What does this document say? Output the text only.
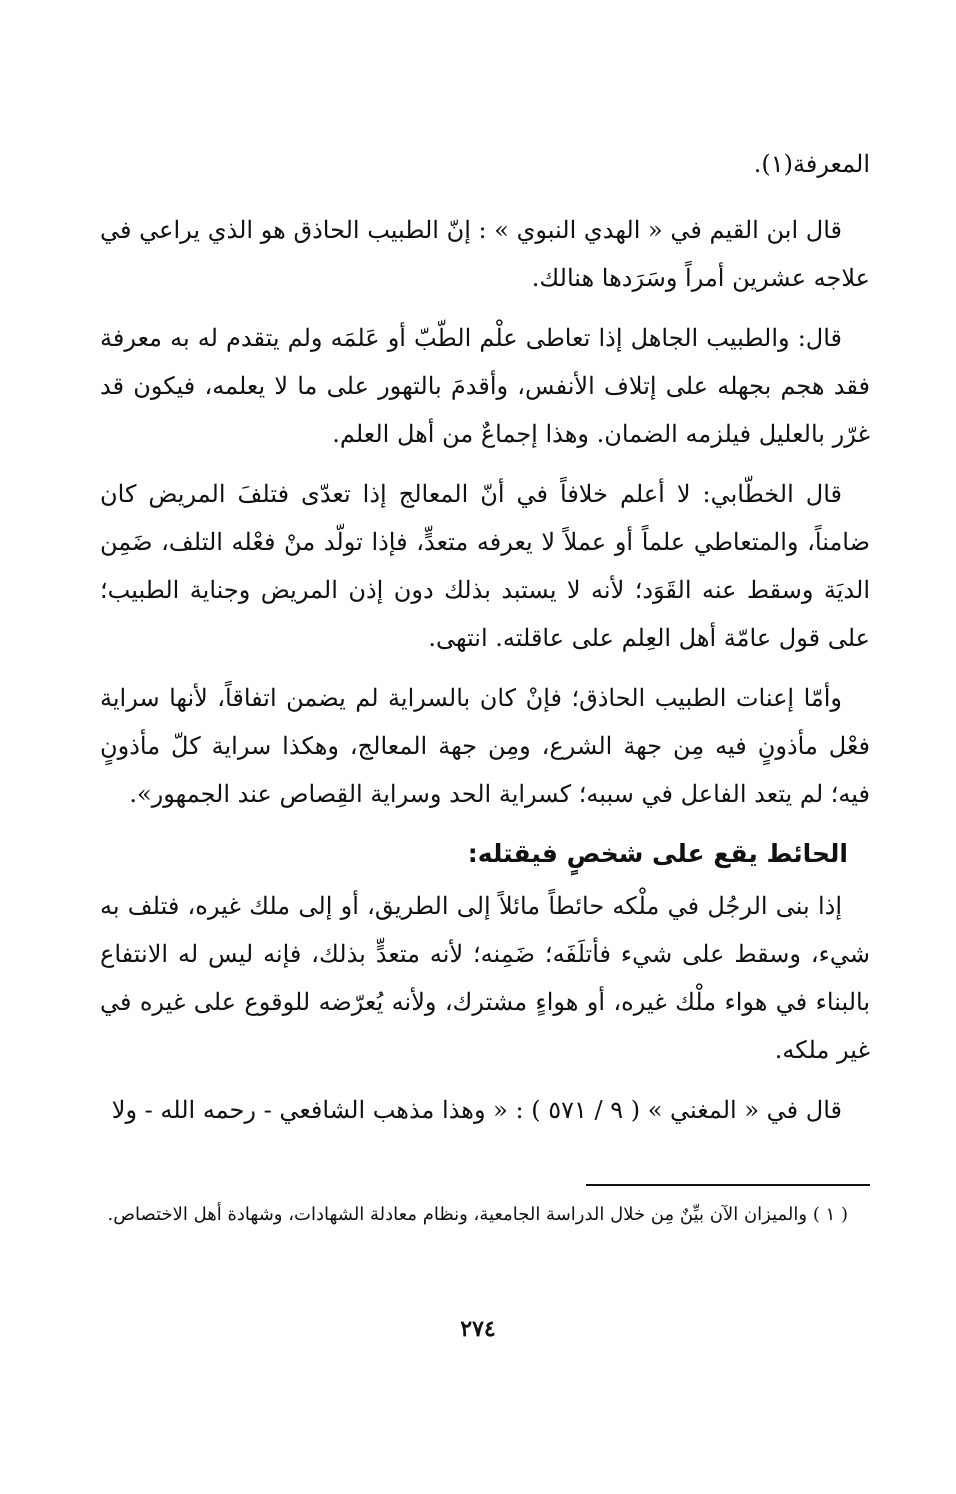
المعرفة(١).

قال ابن القيم في « الهدي النبوي » : إنّ الطبيب الحاذق هو الذي يراعي في علاجه عشرين أمراً وسَرَدها هنالك.

قال: والطبيب الجاهل إذا تعاطى علْم الطّبّ أو عَلمَه ولم يتقدم له به معرفة فقد هجم بجهله على إتلاف الأنفس، وأقدمَ بالتهور على ما لا يعلمه، فيكون قد غرّر بالعليل فيلزمه الضمان. وهذا إجماعٌ من أهل العلم.

قال الخطّابي: لا أعلم خلافاً في أنّ المعالج إذا تعدّى فتلفَ المريض كان ضامناً، والمتعاطي علماً أو عملاً لا يعرفه متعدٍّ، فإذا تولّد منْ فعْله التلف، ضَمِن الديَة وسقط عنه القَوَد؛ لأنه لا يستبد بذلك دون إذن المريض وجناية الطبيب؛ على قول عامّة أهل العِلم على عاقلته. انتهى.

وأمّا إعنات الطبيب الحاذق؛ فإنْ كان بالسراية لم يضمن اتفاقاً، لأنها سراية فعْل مأذونٍ فيه مِن جهة الشرع، ومِن جهة المعالج، وهكذا سراية كلّ مأذونٍ فيه؛ لم يتعد الفاعل في سببه؛ كسراية الحد وسراية القِصاص عند الجمهور».

الحائط يقع على شخصٍ فيقتله:

إذا بنى الرجُل في ملْكه حائطاً مائلاً إلى الطريق، أو إلى ملك غيره، فتلف به شيء، وسقط على شيء فأتلَفَه؛ ضَمِنه؛ لأنه متعدٍّ بذلك، فإنه ليس له الانتفاع بالبناء في هواء ملْك غيره، أو هواءٍ مشترك، ولأنه يُعرّضه للوقوع على غيره في غير ملكه.

قال في « المغني » ( ٩ / ٥٧١ ) : « وهذا مذهب الشافعي - رحمه الله - ولا

( ١ ) والميزان الآن بيِّنٌ مِن خلال الدراسة الجامعية، ونظام معادلة الشهادات، وشهادة أهل الاختصاص.

٢٧٤
